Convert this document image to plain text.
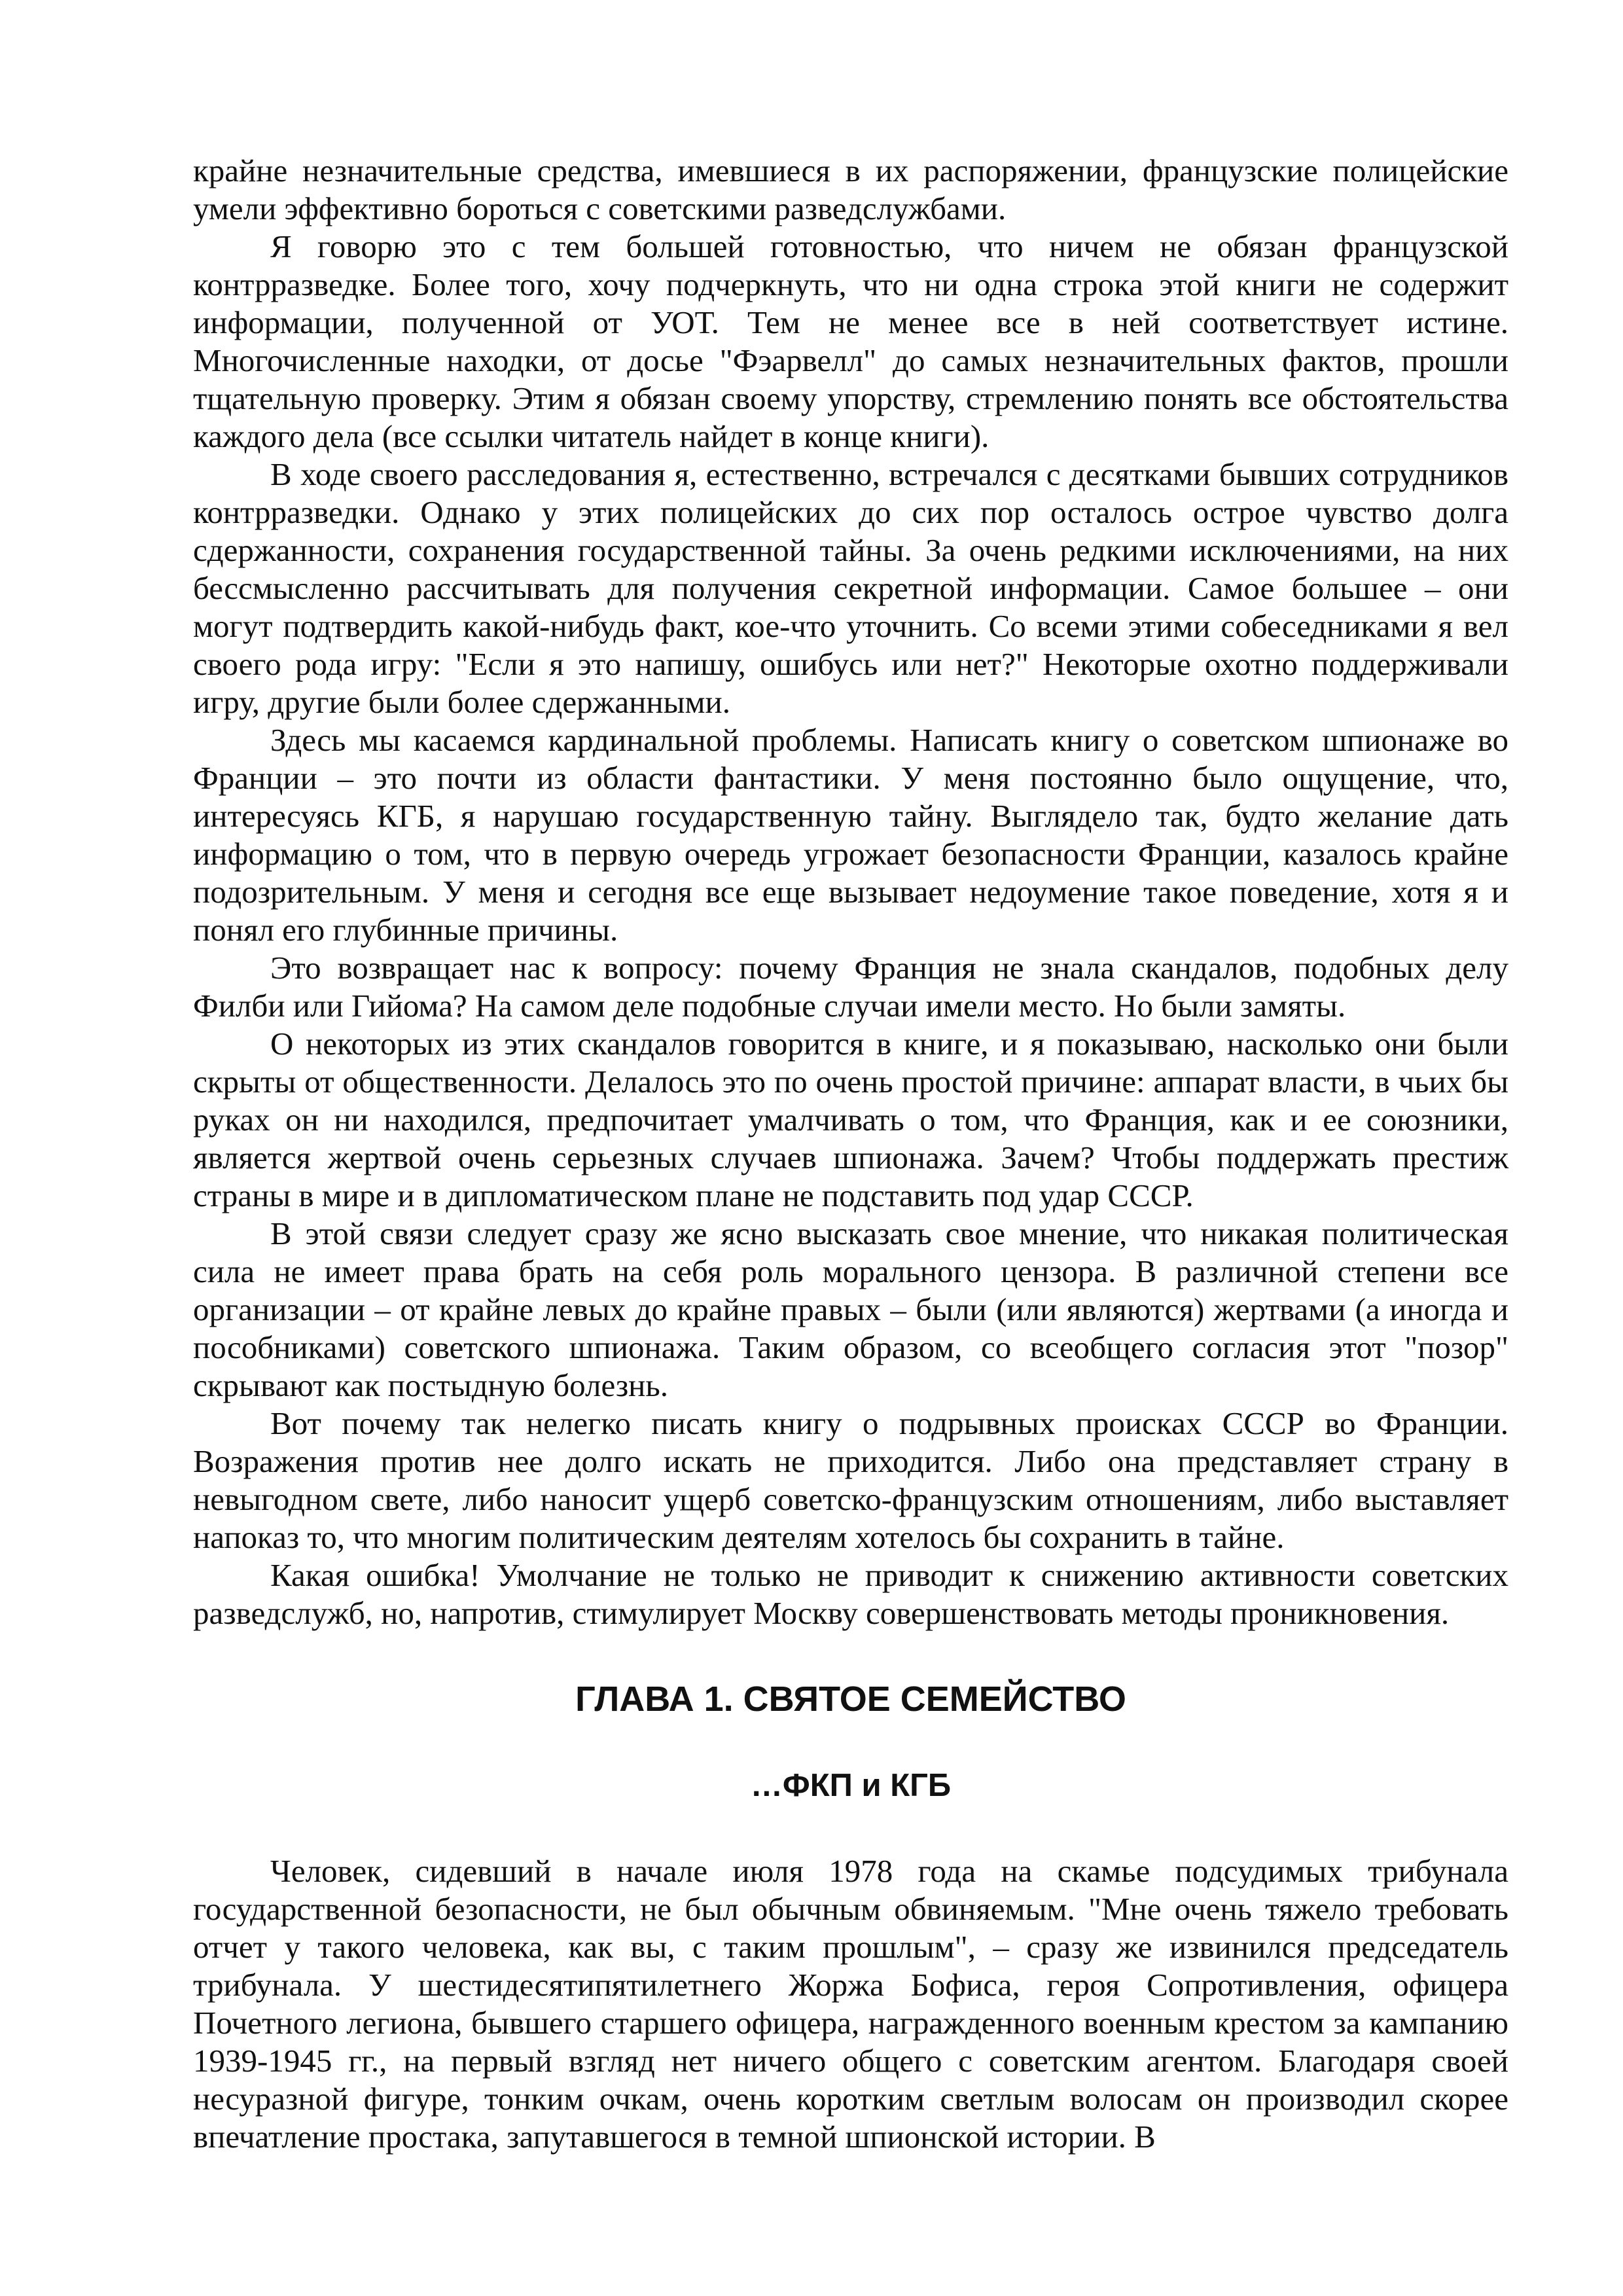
крайне незначительные средства, имевшиеся в их распоряжении, французские полицейские умели эффективно бороться с советскими разведслужбами.

Я говорю это с тем большей готовностью, что ничем не обязан французской контрразведке. Более того, хочу подчеркнуть, что ни одна строка этой книги не содержит информации, полученной от УОТ. Тем не менее все в ней соответствует истине. Многочисленные находки, от досье "Фэарвелл" до самых незначительных фактов, прошли тщательную проверку. Этим я обязан своему упорству, стремлению понять все обстоятельства каждого дела (все ссылки читатель найдет в конце книги).

В ходе своего расследования я, естественно, встречался с десятками бывших сотрудников контрразведки. Однако у этих полицейских до сих пор осталось острое чувство долга сдержанности, сохранения государственной тайны. За очень редкими исключениями, на них бессмысленно рассчитывать для получения секретной информации. Самое большее – они могут подтвердить какой-нибудь факт, кое-что уточнить. Со всеми этими собеседниками я вел своего рода игру: "Если я это напишу, ошибусь или нет?" Некоторые охотно поддерживали игру, другие были более сдержанными.

Здесь мы касаемся кардинальной проблемы. Написать книгу о советском шпионаже во Франции – это почти из области фантастики. У меня постоянно было ощущение, что, интересуясь КГБ, я нарушаю государственную тайну. Выглядело так, будто желание дать информацию о том, что в первую очередь угрожает безопасности Франции, казалось крайне подозрительным. У меня и сегодня все еще вызывает недоумение такое поведение, хотя я и понял его глубинные причины.

Это возвращает нас к вопросу: почему Франция не знала скандалов, подобных делу Филби или Гийома? На самом деле подобные случаи имели место. Но были замяты.

О некоторых из этих скандалов говорится в книге, и я показываю, насколько они были скрыты от общественности. Делалось это по очень простой причине: аппарат власти, в чьих бы руках он ни находился, предпочитает умалчивать о том, что Франция, как и ее союзники, является жертвой очень серьезных случаев шпионажа. Зачем? Чтобы поддержать престиж страны в мире и в дипломатическом плане не подставить под удар СССР.

В этой связи следует сразу же ясно высказать свое мнение, что никакая политическая сила не имеет права брать на себя роль морального цензора. В различной степени все организации – от крайне левых до крайне правых – были (или являются) жертвами (а иногда и пособниками) советского шпионажа. Таким образом, со всеобщего согласия этот "позор" скрывают как постыдную болезнь.

Вот почему так нелегко писать книгу о подрывных происках СССР во Франции. Возражения против нее долго искать не приходится. Либо она представляет страну в невыгодном свете, либо наносит ущерб советско-французским отношениям, либо выставляет напоказ то, что многим политическим деятелям хотелось бы сохранить в тайне.

Какая ошибка! Умолчание не только не приводит к снижению активности советских разведслужб, но, напротив, стимулирует Москву совершенствовать методы проникновения.

ГЛАВА 1. СВЯТОЕ СЕМЕЙСТВО
…ФКП и КГБ

Человек, сидевший в начале июля 1978 года на скамье подсудимых трибунала государственной безопасности, не был обычным обвиняемым. "Мне очень тяжело требовать отчет у такого человека, как вы, с таким прошлым", – сразу же извинился председатель трибунала. У шестидесятипятилетнего Жоржа Бофиса, героя Сопротивления, офицера Почетного легиона, бывшего старшего офицера, награжденного военным крестом за кампанию 1939-1945 гг., на первый взгляд нет ничего общего с советским агентом. Благодаря своей несуразной фигуре, тонким очкам, очень коротким светлым волосам он производил скорее впечатление простака, запутавшегося в темной шпионской истории. В
